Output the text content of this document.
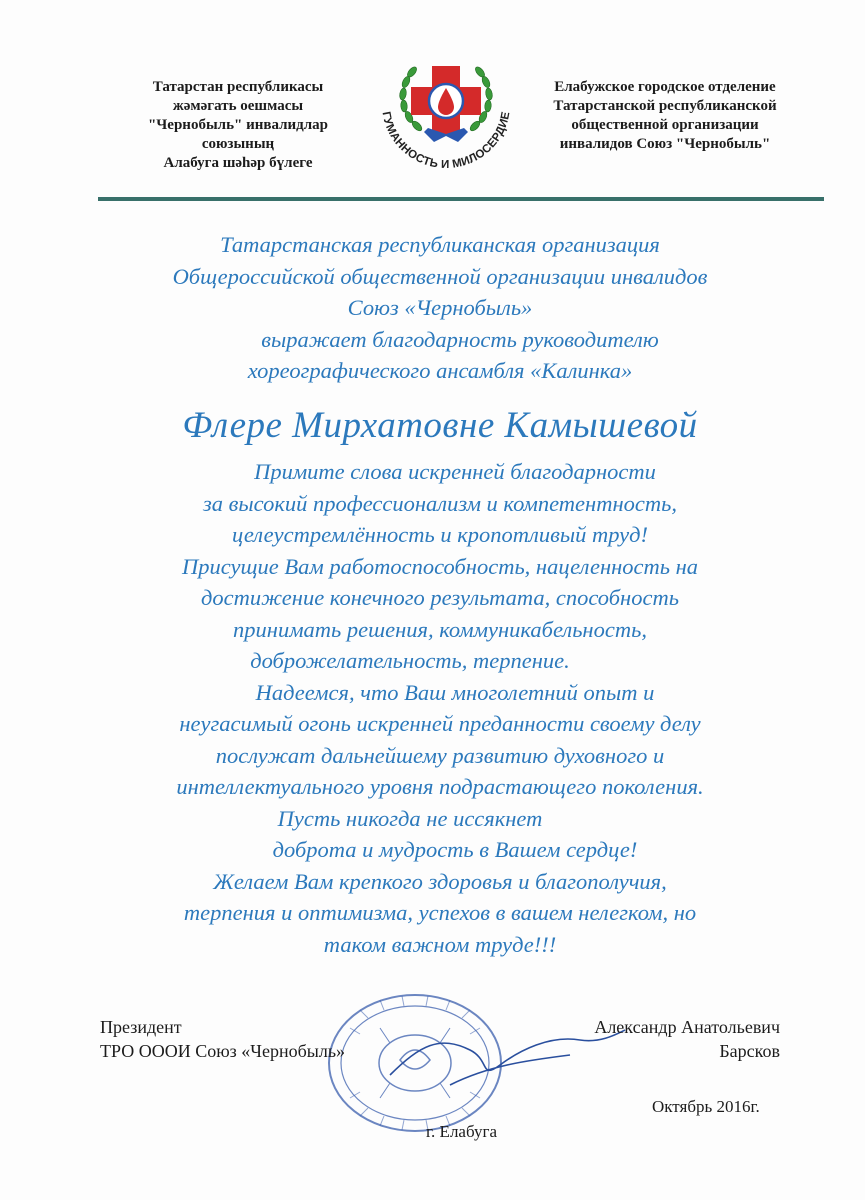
Татарстан республикасы
жәмәгать оешмасы
"Чернобыль" инвалидлар
союзының
Алабуга шәһәр бүлеге
ГУМАННОСТЬ И МИЛОСЕРДИЕ
Елабужское городское отделение
Татарстанской республиканской
общественной организации
инвалидов Союз "Чернобыль"
Татарстанская республиканская организация
Общероссийской общественной организации инвалидов
Союз «Чернобыль»
выражает благодарность руководителю
хореографического ансамбля «Калинка»
Флере Мирхатовне Камышевой
Примите слова искренней благодарности
за высокий профессионализм и компетентность,
целеустремлённость и кропотливый труд!
Присущие Вам работоспособность, нацеленность на
достижение конечного результата, способность
принимать решения, коммуникабельность,
доброжелательность, терпение.
Надеемся, что Ваш многолетний опыт и
неугасимый огонь искренней преданности своему делу
послужат дальнейшему развитию духовного и
интеллектуального уровня подрастающего поколения.
Пусть никогда не иссякнет
доброта и мудрость в Вашем сердце!
Желаем Вам крепкого здоровья и благополучия,
терпения и оптимизма, успехов в вашем нелегком, но
таком важном труде!!!
Президент
ТРО ОООИ Союз «Чернобыль»
Александр Анатольевич
Барсков
Октябрь 2016г.
г. Елабуга
